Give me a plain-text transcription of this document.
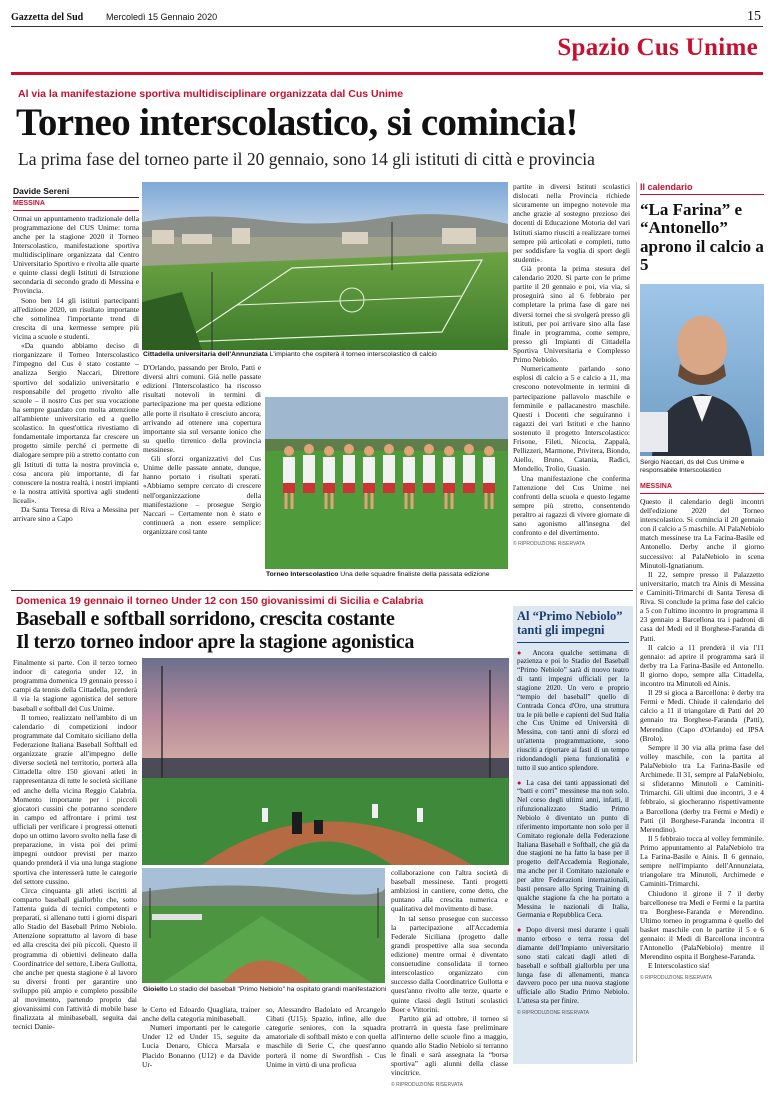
Gazzetta del Sud	Mercoledì 15 Gennaio 2020	15
Spazio Cus Unime
Al via la manifestazione sportiva multidisciplinare organizzata dal Cus Unime
Torneo interscolastico, si comincia!
La prima fase del torneo parte il 20 gennaio, sono 14 gli istituti di città e provincia
Davide Sereni
MESSINA

Ormai un appuntamento tradizionale della programmazione del CUS Unime: torna anche per la stagione 2020 il Torneo Interscolastico, manifestazione sportiva multidisciplinare organizzata dal Centro Universitario Sportivo e rivolta alle quarte e quinte classi degli Istituti di Istruzione secondaria di secondo grado di Messina e Provincia.

Sono ben 14 gli istituti partecipanti all'edizione 2020, un risultato importante che sottolinea l'importante trend di crescita di una kermesse sempre più vicina a scuole e studenti.

«Da quando abbiamo deciso di riorganizzare il Torneo Interscolastico l'impegno del Cus è stato costante – analizza Sergio Naccari, Direttore sportivo del sodalizio universitario e responsabile del progetto rivolto alle scuole – il nostro Cus per sua vocazione ha sempre guardato con molta attenzione all'ambiente universitario ed a quello scolastico. In quest'ottica rivestiamo di fondamentale importanza far crescere un progetto simile perché ci permette di dialogare sempre più a stretto contatto con gli Istituti di tutta la nostra provincia e, cosa ancora più importante, di far conoscere la nostra realtà, i nostri impianti e la nostra attività sportiva agli studenti liceali».

Da Santa Teresa di Riva a Messina per arrivare sino a Capo

Cittadella universitaria dell'Annunziata L'impianto che ospiterà il torneo interscolastico di calcio

D'Orlando, passando per Brolo, Patti e diversi altri comuni. Già nelle passate edizioni l'Interscolastico ha riscosso risultati notevoli in termini di partecipazione ma per questa edizione alle porte il risultato è cresciuto ancora, arrivando ad ottenere una copertura importante sia sul versante ionico che su quello tirrenico della provincia messinese.

Gli sforzi organizzativi del Cus Unime delle passate annate, dunque, hanno portato i risultati sperati. «Abbiamo sempre cercato di crescere nell'organizzazione della manifestazione – prosegue Sergio Naccari – Certamente non è stato e continuerà a non essere semplice: organizzare così tante

Torneo Interscolastico Una delle squadre finaliste della passata edizione

partite in diversi Istituti scolastici dislocati nella Provincia richiede sicuramente un impegno notevole ma anche grazie al sostegno prezioso dei docenti di Educazione Motoria del vari Istituti siamo riusciti a realizzare tornei sempre più articolati e completi, tutto per soddisfare la voglia di sport degli studenti».

Già pronta la prima stesura del calendario 2020. Si parte con le prime partite il 20 gennaio e poi, via via, si proseguirà sino al 6 febbraio per completare la prima fase di gare nei diversi tornei che si svolgerà presso gli istituti, per poi arrivare sino alla fase finale in programma, come sempre, presso gli Impianti di Cittadella Sportiva Universitaria e Complesso Primo Nebiolo.

Numericamente parlando sono esplosi di calcio a 5 e calcio a 11, ma crescono notevolmente in termini di partecipazione pallavolo maschile e femminile e pallacanestro maschile. Questi i Docenti che seguiranno i ragazzi dei vari Istituti e che hanno sostenuto il progetto Interscolastico: Frisone, Fileti, Nicocia, Zappalà, Pellizzeri, Marmone, Privitera, Biondo, Aiello, Bruno, Catania, Radici, Mondello, Trolio, Guasio.

Una manifestazione che conferma l'attenzione del Cus Unime nei confronti della scuola e questo legame sempre più stretto, consentendo peraltro ai ragazzi di vivere giornate di sano agonismo all'insegna del confronto e del divertimento.

© RIPRODUZIONE RISERVATA
Il calendario
“La Farina” e “Antonello” aprono il calcio a 5
Sergio Naccari, ds del Cus Unime e responsabile Interscolastico
MESSINA

Questo il calendario degli incontri dell'edizione 2020 del Torneo interscolastico. Si comincia il 20 gennaio con il calcio a 5 maschile. Al PalaNebiolo match messinese tra La Farina-Basile ed Antonello. Derby anche il giorno successivo: al PalaNebiolo in scena Minutoli-Ignatianum.

Il 22, sempre presso il Palazzetto universitario, match tra Ainis di Messina e Caminiti-Trimarchi di Santa Teresa di Riva. Si conclude la prima fase del calcio a 5 con l'ultimo incontro in programma il 23 gennaio a Barcellona tra i padroni di casa del Medi ed il Borghese-Faranda di Patti.

Il calcio a 11 prenderà il via l'11 gennaio: ad aprire il programma sarà il derby tra La Farina-Basile ed Antonello. Il giorno dopo, sempre alla Cittadella, incontro tra Minutoli ed Ainis.

Il 29 si gioca a Barcellona: è derby tra Fermi e Medi. Chiude il calendario del calcio a 11 il triangolare di Patti del 20 gennaio tra Borghese-Faranda (Patti), Merendino (Capo d'Orlando) ed IPSA (Brolo).

Sempre il 30 via alla prima fase del volley maschile, con la partita al PalaNebiolo tra La Farina-Basile ed Archimede. Il 31, sempre al PalaNebiolo, si sfideranno Minutoli e Caminiti-Trimarchi. Gli ultimi due incontri, 3 e 4 febbraio, si giocheranno rispettivamente a Barcellona (derby tra Fermi e Medi) e Patti (il Borghese-Faranda incontra il Merendino).

Il 5 febbraio tocca al volley femminile. Primo appuntamento al PalaNebiolo tra La Farina-Basile e Ainis. Il 6 gennaio, sempre nell'impianto dell'Annunziata, triangolare tra Minutoli, Archimede e Caminiti-Trimarchi.

Chiudono il girone il 7 il derby barcellonese tra Medi e Fermi e la partita tra Borghese-Faranda e Merendino. Ultimo torneo in programma è quello del basket maschile con le partite il 5 e 6 gennaio: il Medi di Barcellona incontra l'Antonello (PalaNebiolo) mentre il Merendino ospita il Borghese-Faranda.

E Interscolastico sia!

© RIPRODUZIONE RISERVATA
Domenica 19 gennaio il torneo Under 12 con 150 giovanissimi di Sicilia e Calabria
Baseball e softball sorridono, crescita costante
Il terzo torneo indoor apre la stagione agonistica

Finalmente si parte. Con il terzo torneo indoor di categoria under 12, in programma domenica 19 gennaio presso i campi da tennis della Cittadella, prenderà il via la stagione agonistica del settore baseball e softball del Cus Unime.

Il torneo, realizzato nell'ambito di un calendario di competizioni indoor programmate dal Comitato siciliano della Federazione Italiana Baseball Softball ed organizzate grazie all'impegno delle diverse società nel territorio, porterà alla Cittadella oltre 150 giovani atleti in rappresentanza di tutte le società siciliane ed anche della vicina Reggio Calabria. Momento importante per i piccoli giocatori cussini che potranno scendere in campo ed affrontare i primi test ufficiali per verificare i progressi ottenuti dopo un ottimo lavoro svolto nella fase di preparazione, in vista poi dei primi impegni outdoor previsti per marzo quando prenderà il via una lunga stagione sportiva che interesserà tutte le categorie del settore cussino.

Circa cinquanta gli atleti iscritti al comparto baseball giallorblu che, sotto l'attenta guida di tecnici competenti e preparati, si allenano tutti i giorni dispari allo Stadio del Baseball Primo Nebiolo. Attenzione soprattutto al lavoro di base ed alla crescita dei più piccoli. Questo il programma di obiettivi delineato dalla Coordinatrice del settore, Libera Gullotta, che anche per questa stagione è al lavoro su diversi fronti per garantire uno sviluppo più ampio e completo possibile al movimento, partendo proprio dai giovanissimi con l'attività di mobile base finalizzata al minibaseball, seguita dai tecnici Danie-

le Certo ed Edoardo Quagliata, trainer anche della categoria minibaseball.

Numeri importanti per le categorie Under 12 ed Under 15, seguite da Lucia Denaro, Chicca Marsala e Placido Bonanno (U12) e da Davide Ur-

Gioiello Lo stadio del baseball "Primo Nebiolo" ha ospitato grandi manifestazioni

so, Alessandro Badolato ed Arcangelo Cibati (U15). Spazio, infine, alle due categorie seniores, con la squadra amatoriale di softball misto e con quella maschile di Serie C, che quest'anno porterà il nome di Swordfish - Cus Unime in virtù di una proficua

collaborazione con l'altra società di baseball messinese. Tanti progetti ambiziosi in cantiere, come detto, che puntano alla crescita numerica e qualitativa del movimento di base.

In tal senso prosegue con successo la partecipazione all'Accademia Federale Siciliana (progetto dalle grandi prospettive alla sua seconda edizione) mentre ormai è diventato consuetudine consolidata il torneo interscolastico organizzato con successo dalla Coordinatrice Gullotta e quest'anno rivolto alle terze, quarte e quinte classi degli Istituti scolastici Boer e Vittorini.

Partito già ad ottobre, il torneo si protrarrà in questa fase preliminare all'interno delle scuole fino a maggio, quando allo Stadio Nebiolo si terranno le finali e sarà assegnata la “borsa sportiva” agli alunni della classe vincitrice.

© RIPRODUZIONE RISERVATA
Al “Primo Nebiolo” tanti gli impegni

● Ancora qualche settimana di pazienza e poi lo Stadio del Baseball “Primo Nebiolo” sarà di nuovo teatro di tanti impegni ufficiali per la stagione 2020. Un vero e proprio “tempio del baseball” quello di Contrada Conca d'Oro, una struttura tra le più belle e capienti del Sud Italia che Cus Unime ed Università di Messina, con tanti anni di sforzi ed un'attenta programmazione, sono riusciti a riportare ai fasti di un tempo ridondandogli piena funzionalità e tutto il suo antico splendore.

● La casa dei tanti appassionati del “batti e corri” messinese ma non solo. Nel corso degli ultimi anni, infatti, il rifunzionalizzato Stadio Primo Nebiolo è diventato un punto di riferimento importante non solo per il Comitato regionale della Federazione Italiana Baseball e Softball, che già da due stagioni ne ha fatto la base per il progetto dell'Accademia Regionale, ma anche per il Comitato nazionale e per altre Federazioni internazionali, basti pensare allo Spring Training di qualche stagione fa che ha portato a Messina le nazionali di Italia, Germania e Repubblica Ceca.

● Dopo diversi mesi durante i quali manto erboso e terra rossa del diamante dell'Impianto universitario sono stati calcati dagli atleti di baseball e softball giallorblu per una lunga fase di allenamenti, manca davvero poco per una nuova stagione ufficiale allo Stadio Primo Nebiolo. L'attesa sta per finire.

© RIPRODUZIONE RISERVATA
